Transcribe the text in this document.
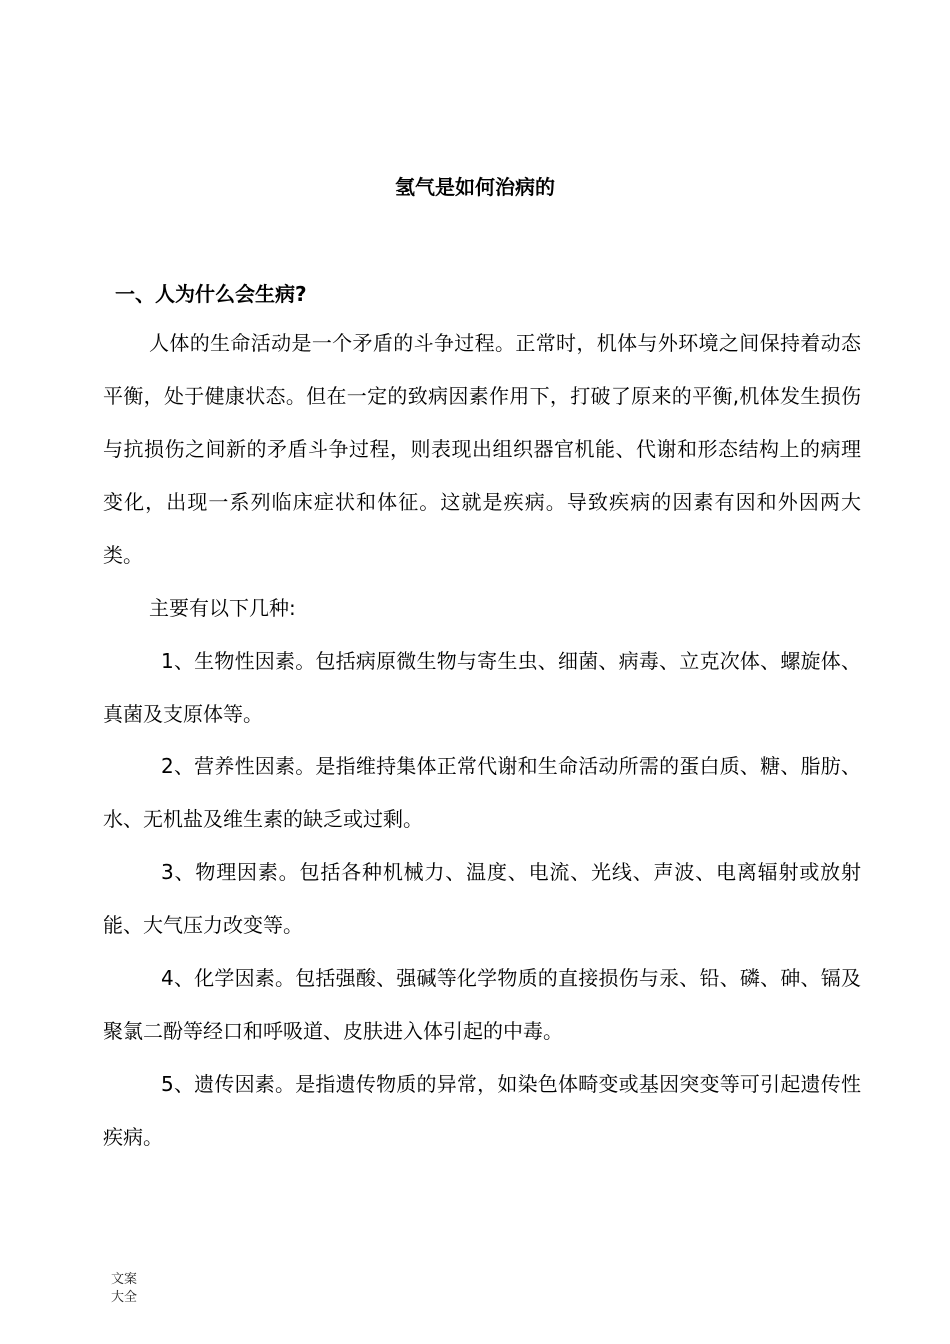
氢气是如何治病的
一、人为什么会生病?

人体的生命活动是一个矛盾的斗争过程。正常时，机体与外环境之间保持着动态平衡，处于健康状态。但在一定的致病因素作用下，打破了原来的平衡,机体发生损伤与抗损伤之间新的矛盾斗争过程，则表现出组织器官机能、代谢和形态结构上的病理变化，出现一系列临床症状和体征。这就是疾病。导致疾病的因素有因和外因两大类。

主要有以下几种:

1、生物性因素。包括病原微生物与寄生虫、细菌、病毒、立克次体、螺旋体、真菌及支原体等。

2、营养性因素。是指维持集体正常代谢和生命活动所需的蛋白质、糖、脂肪、水、无机盐及维生素的缺乏或过剩。

3、物理因素。包括各种机械力、温度、电流、光线、声波、电离辐射或放射能、大气压力改变等。

4、化学因素。包括强酸、强碱等化学物质的直接损伤与汞、铅、磷、砷、镉及聚氯二酚等经口和呼吸道、皮肤进入体引起的中毒。

5、遗传因素。是指遗传物质的异常，如染色体畸变或基因突变等可引起遗传性疾病。

文案大全
